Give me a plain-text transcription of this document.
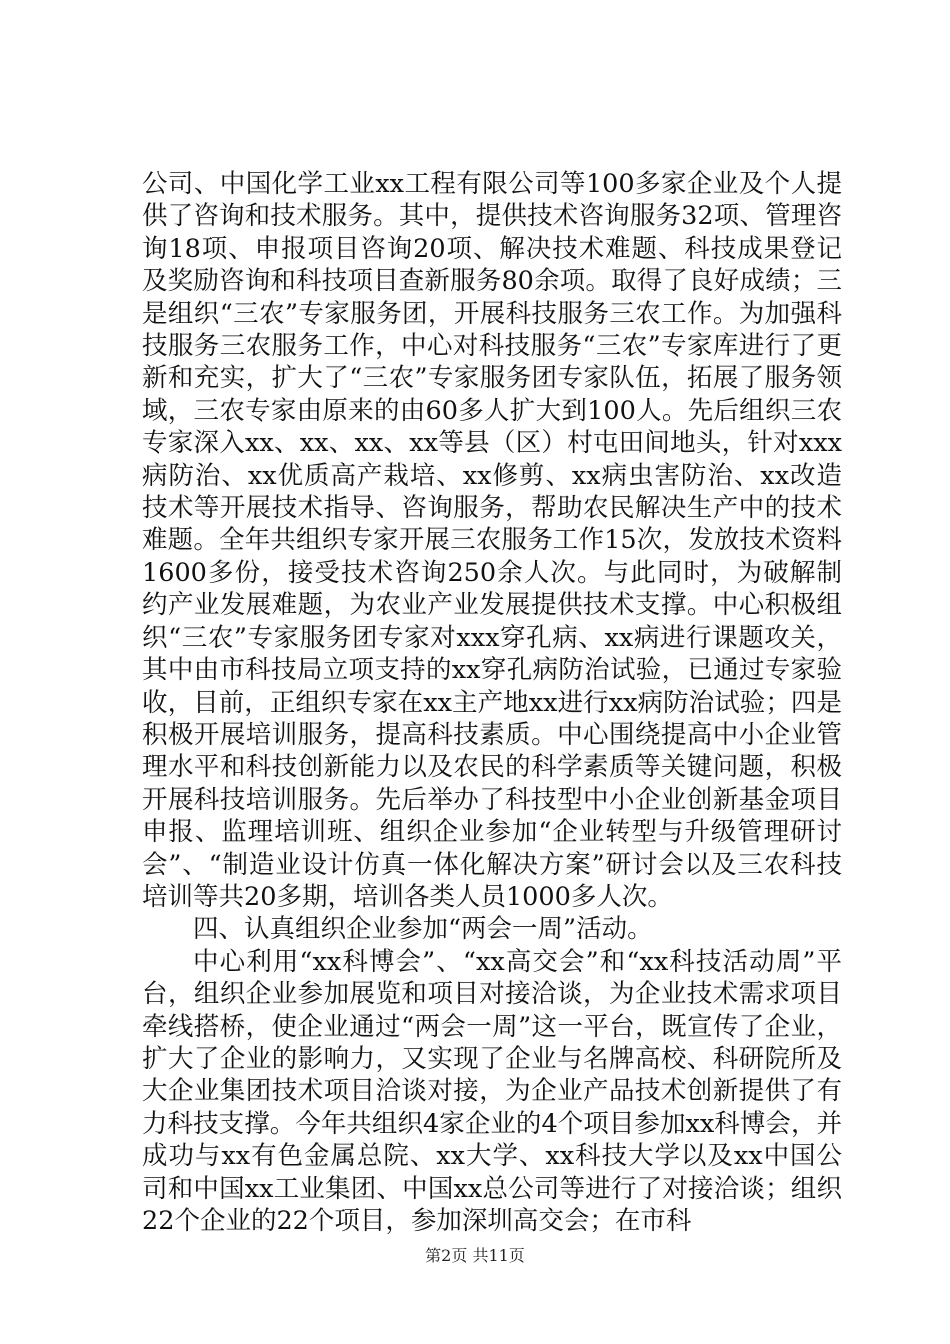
公司、中国化学工业xx工程有限公司等100多家企业及个人提供了咨询和技术服务。其中，提供技术咨询服务32项、管理咨询18项、申报项目咨询20项、解决技术难题、科技成果登记及奖励咨询和科技项目查新服务80余项。取得了良好成绩；三是组织“三农”专家服务团，开展科技服务三农工作。为加强科技服务三农服务工作，中心对科技服务“三农”专家库进行了更新和充实，扩大了“三农”专家服务团专家队伍，拓展了服务领域，三农专家由原来的由60多人扩大到100人。先后组织三农专家深入xx、xx、xx、xx等县（区）村屯田间地头，针对xxx病防治、xx优质高产栽培、xx修剪、xx病虫害防治、xx改造技术等开展技术指导、咨询服务，帮助农民解决生产中的技术难题。全年共组织专家开展三农服务工作15次，发放技术资料1600多份，接受技术咨询250余人次。与此同时，为破解制约产业发展难题，为农业产业发展提供技术支撑。中心积极组织“三农”专家服务团专家对xxx穿孔病、xx病进行课题攻关，其中由市科技局立项支持的xx穿孔病防治试验，已通过专家验收，目前，正组织专家在xx主产地xx进行xx病防治试验；四是积极开展培训服务，提高科技素质。中心围绕提高中小企业管理水平和科技创新能力以及农民的科学素质等关键问题，积极开展科技培训服务。先后举办了科技型中小企业创新基金项目申报、监理培训班、组织企业参加“企业转型与升级管理研讨会”、“制造业设计仿真一体化解决方案”研讨会以及三农科技培训等共20多期，培训各类人员1000多人次。

四、认真组织企业参加“两会一周”活动。

中心利用“xx科博会”、“xx高交会”和“xx科技活动周”平台，组织企业参加展览和项目对接洽谈，为企业技术需求项目牵线搭桥，使企业通过“两会一周”这一平台，既宣传了企业，扩大了企业的影响力，又实现了企业与名牌高校、科研院所及大企业集团技术项目洽谈对接，为企业产品技术创新提供了有力科技支撑。今年共组织4家企业的4个项目参加xx科博会，并成功与xx有色金属总院、xx大学、xx科技大学以及xx中国公司和中国xx工业集团、中国xx总公司等进行了对接洽谈；组织22个企业的22个项目，参加深圳高交会；在市科

第2页 共11页
